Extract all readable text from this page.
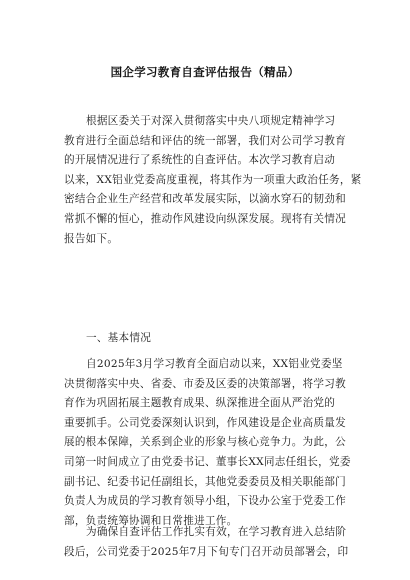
国企学习教育自查评估报告（精品）
根据区委关于对深入贯彻落实中央八项规定精神学习
教育进行全面总结和评估的统一部署，我们对公司学习教育
的开展情况进行了系统性的自查评估。本次学习教育启动
以来，XX铝业党委高度重视，将其作为一项重大政治任务，紧
密结合企业生产经营和改革发展实际，以滴水穿石的韧劲和
常抓不懈的恒心，推动作风建设向纵深发展。现将有关情况
报告如下。
一、基本情况
自2025年3月学习教育全面启动以来，XX铝业党委坚
决贯彻落实中央、省委、市委及区委的决策部署，将学习教
育作为巩固拓展主题教育成果、纵深推进全面从严治党的
重要抓手。公司党委深刻认识到，作风建设是企业高质量发
展的根本保障，关系到企业的形象与核心竞争力。为此，公
司第一时间成立了由党委书记、董事长XX同志任组长，党委
副书记、纪委书记任副组长，其他党委委员及相关职能部门
负责人为成员的学习教育领导小组，下设办公室于党委工作
部，负责统筹协调和日常推进工作。
为确保自查评估工作扎实有效，在学习教育进入总结阶
段后，公司党委于2025年7月下旬专门召开动员部署会，印
